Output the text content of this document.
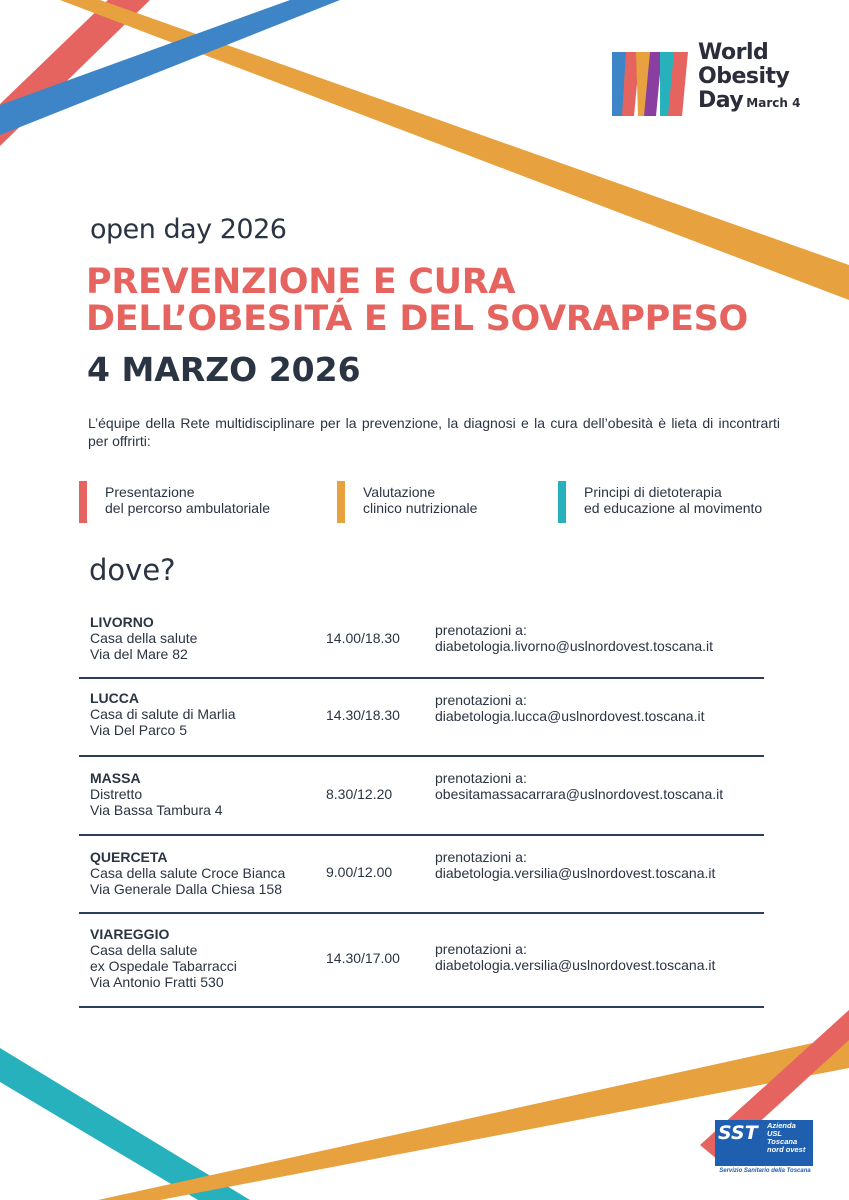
World
Obesity
Day March 4
open day 2026
PREVENZIONE E CURA
DELL’OBESITÁ E DEL SOVRAPPESO
4 MARZO 2026

L’équipe della Rete multidisciplinare per la prevenzione, la diagnosi e la cura dell’obesità è lieta di incontrarti per offrirti:

Presentazione
del percorso ambulatoriale
Valutazione
clinico nutrizionale
Principi di dietoterapia
ed educazione al movimento
dove?
LIVORNO
Casa della salute
Via del Mare 82
14.00/18.30	prenotazioni a:
diabetologia.livorno@uslnordovest.toscana.it
LUCCA
Casa di salute di Marlia
Via Del Parco 5
14.30/18.30
prenotazioni a:
diabetologia.lucca@uslnordovest.toscana.it
MASSA
Distretto
Via Bassa Tambura 4
8.30/12.20
prenotazioni a:
obesitamassacarrara@uslnordovest.toscana.it
QUERCETA
Casa della salute Croce Bianca
Via Generale Dalla Chiesa 158
9.00/12.00
prenotazioni a:
diabetologia.versilia@uslnordovest.toscana.it
VIAREGGIO
Casa della salute
ex Ospedale Tabarracci
Via Antonio Fratti 530
14.30/17.00
prenotazioni a:
diabetologia.versilia@uslnordovest.toscana.it
SST Azienda
USL
Toscana
nord ovest
Servizio Sanitario della Toscana
